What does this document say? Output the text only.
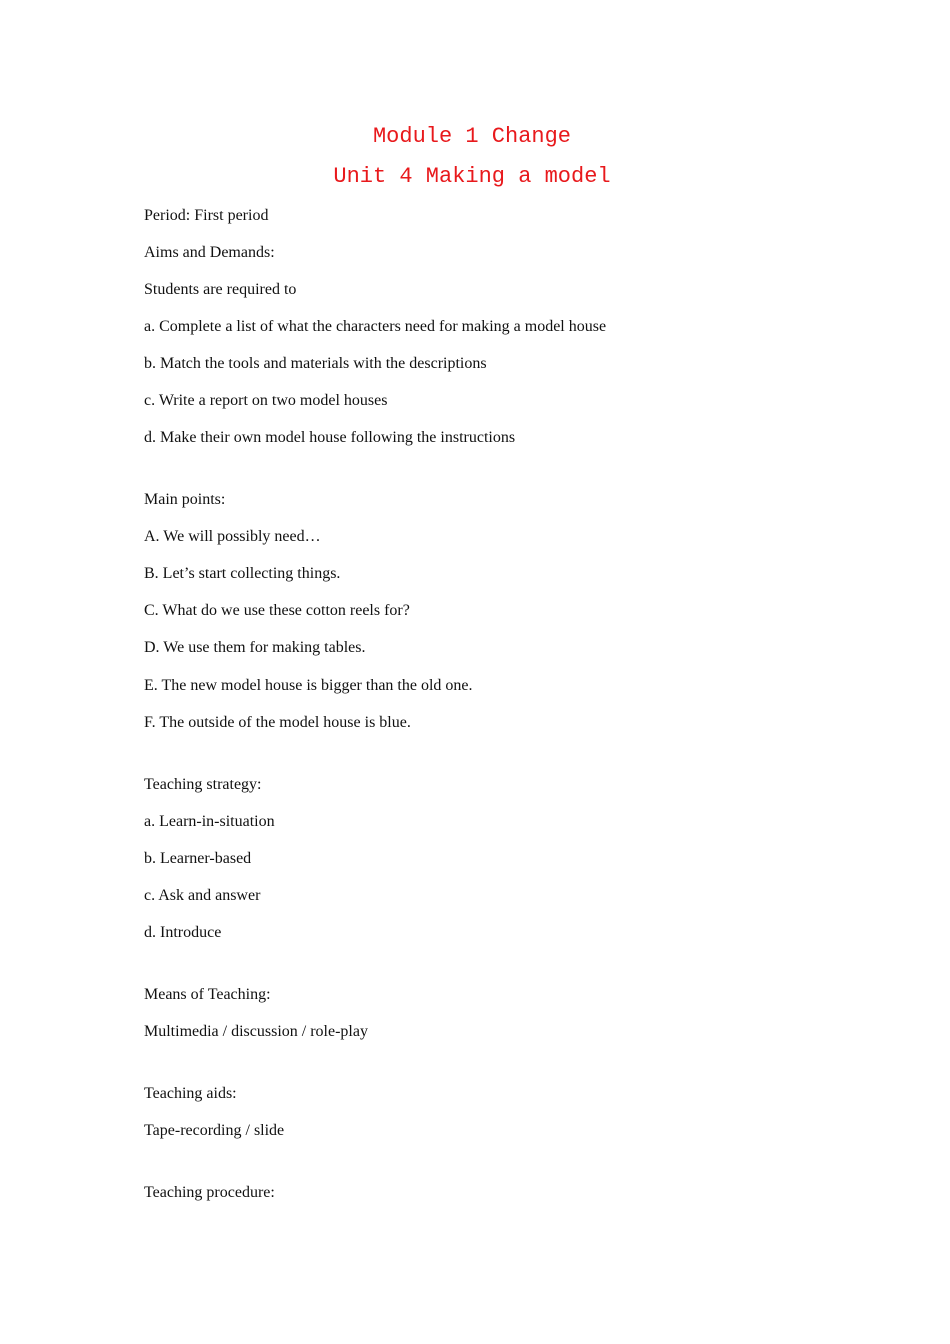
Module 1 Change
Unit 4 Making a model
Period: First period
Aims and Demands:
Students are required to
a. Complete a list of what the characters need for making a model house
b. Match the tools and materials with the descriptions
c. Write a report on two model houses
d. Make their own model house following the instructions
Main points:
A. We will possibly need…
B. Let’s start collecting things.
C. What do we use these cotton reels for?
D. We use them for making tables.
E. The new model house is bigger than the old one.
F. The outside of the model house is blue.
Teaching strategy:
a. Learn-in-situation
b. Learner-based
c. Ask and answer
d. Introduce
Means of Teaching:
Multimedia / discussion / role-play
Teaching aids:
Tape-recording / slide
Teaching procedure:
